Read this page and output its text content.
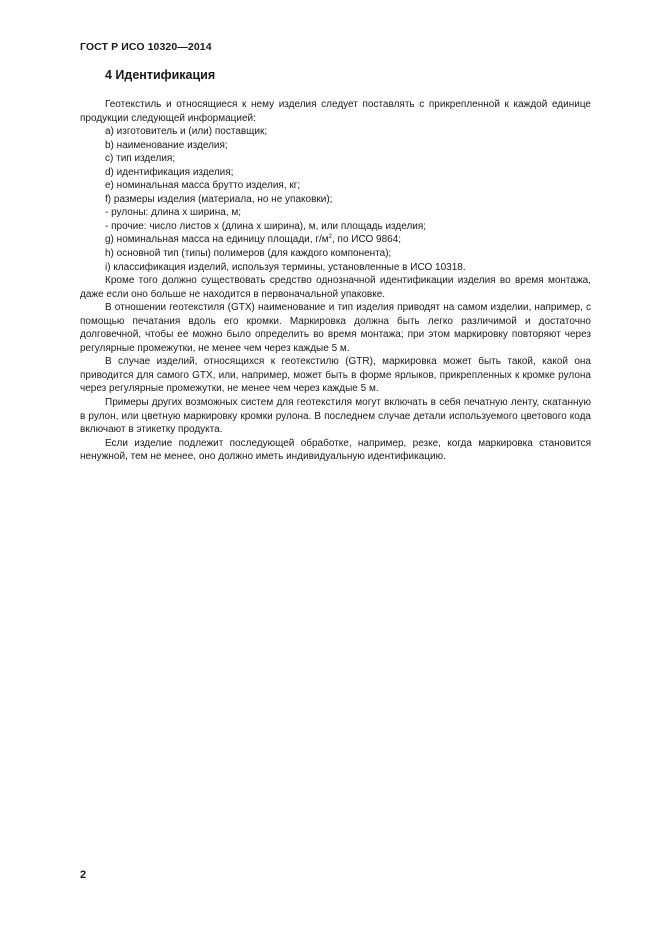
ГОСТ Р ИСО 10320—2014
4 Идентификация

Геотекстиль и относящиеся к нему изделия следует поставлять с прикрепленной к каждой единице продукции следующей информацией:

a) изготовитель и (или) поставщик;
b) наименование изделия;
c) тип изделия;
d) идентификация изделия;
e) номинальная масса брутто изделия, кг;
f) размеры изделия (материала, но не упаковки);
- рулоны: длина x ширина, м;
- прочие: число листов x (длина x ширина), м, или площадь изделия;
g) номинальная масса на единицу площади, $г/м^2$, по ИСО 9864;
h) основной тип (типы) полимеров (для каждого компонента);
i) классификация изделий, используя термины, установленные в ИСО 10318.

Кроме того должно существовать средство однозначной идентификации изделия во время монтажа, даже если оно больше не находится в первоначальной упаковке.

В отношении геотекстиля (GTX) наименование и тип изделия приводят на самом изделии, например, с помощью печатания вдоль его кромки. Маркировка должна быть легко различимой и достаточно долговечной, чтобы ее можно было определить во время монтажа; при этом маркировку повторяют через регулярные промежутки, не менее чем через каждые 5 м.

В случае изделий, относящихся к геотекстилю (GTR), маркировка может быть такой, какой она приводится для самого GTX, или, например, может быть в форме ярлыков, прикрепленных к кромке рулона через регулярные промежутки, не менее чем через каждые 5 м.

Примеры других возможных систем для геотекстиля могут включать в себя печатную ленту, скатанную в рулон, или цветную маркировку кромки рулона. В последнем случае детали используемого цветового кода включают в этикетку продукта.

Если изделие подлежит последующей обработке, например, резке, когда маркировка становится ненужной, тем не менее, оно должно иметь индивидуальную идентификацию.

2
